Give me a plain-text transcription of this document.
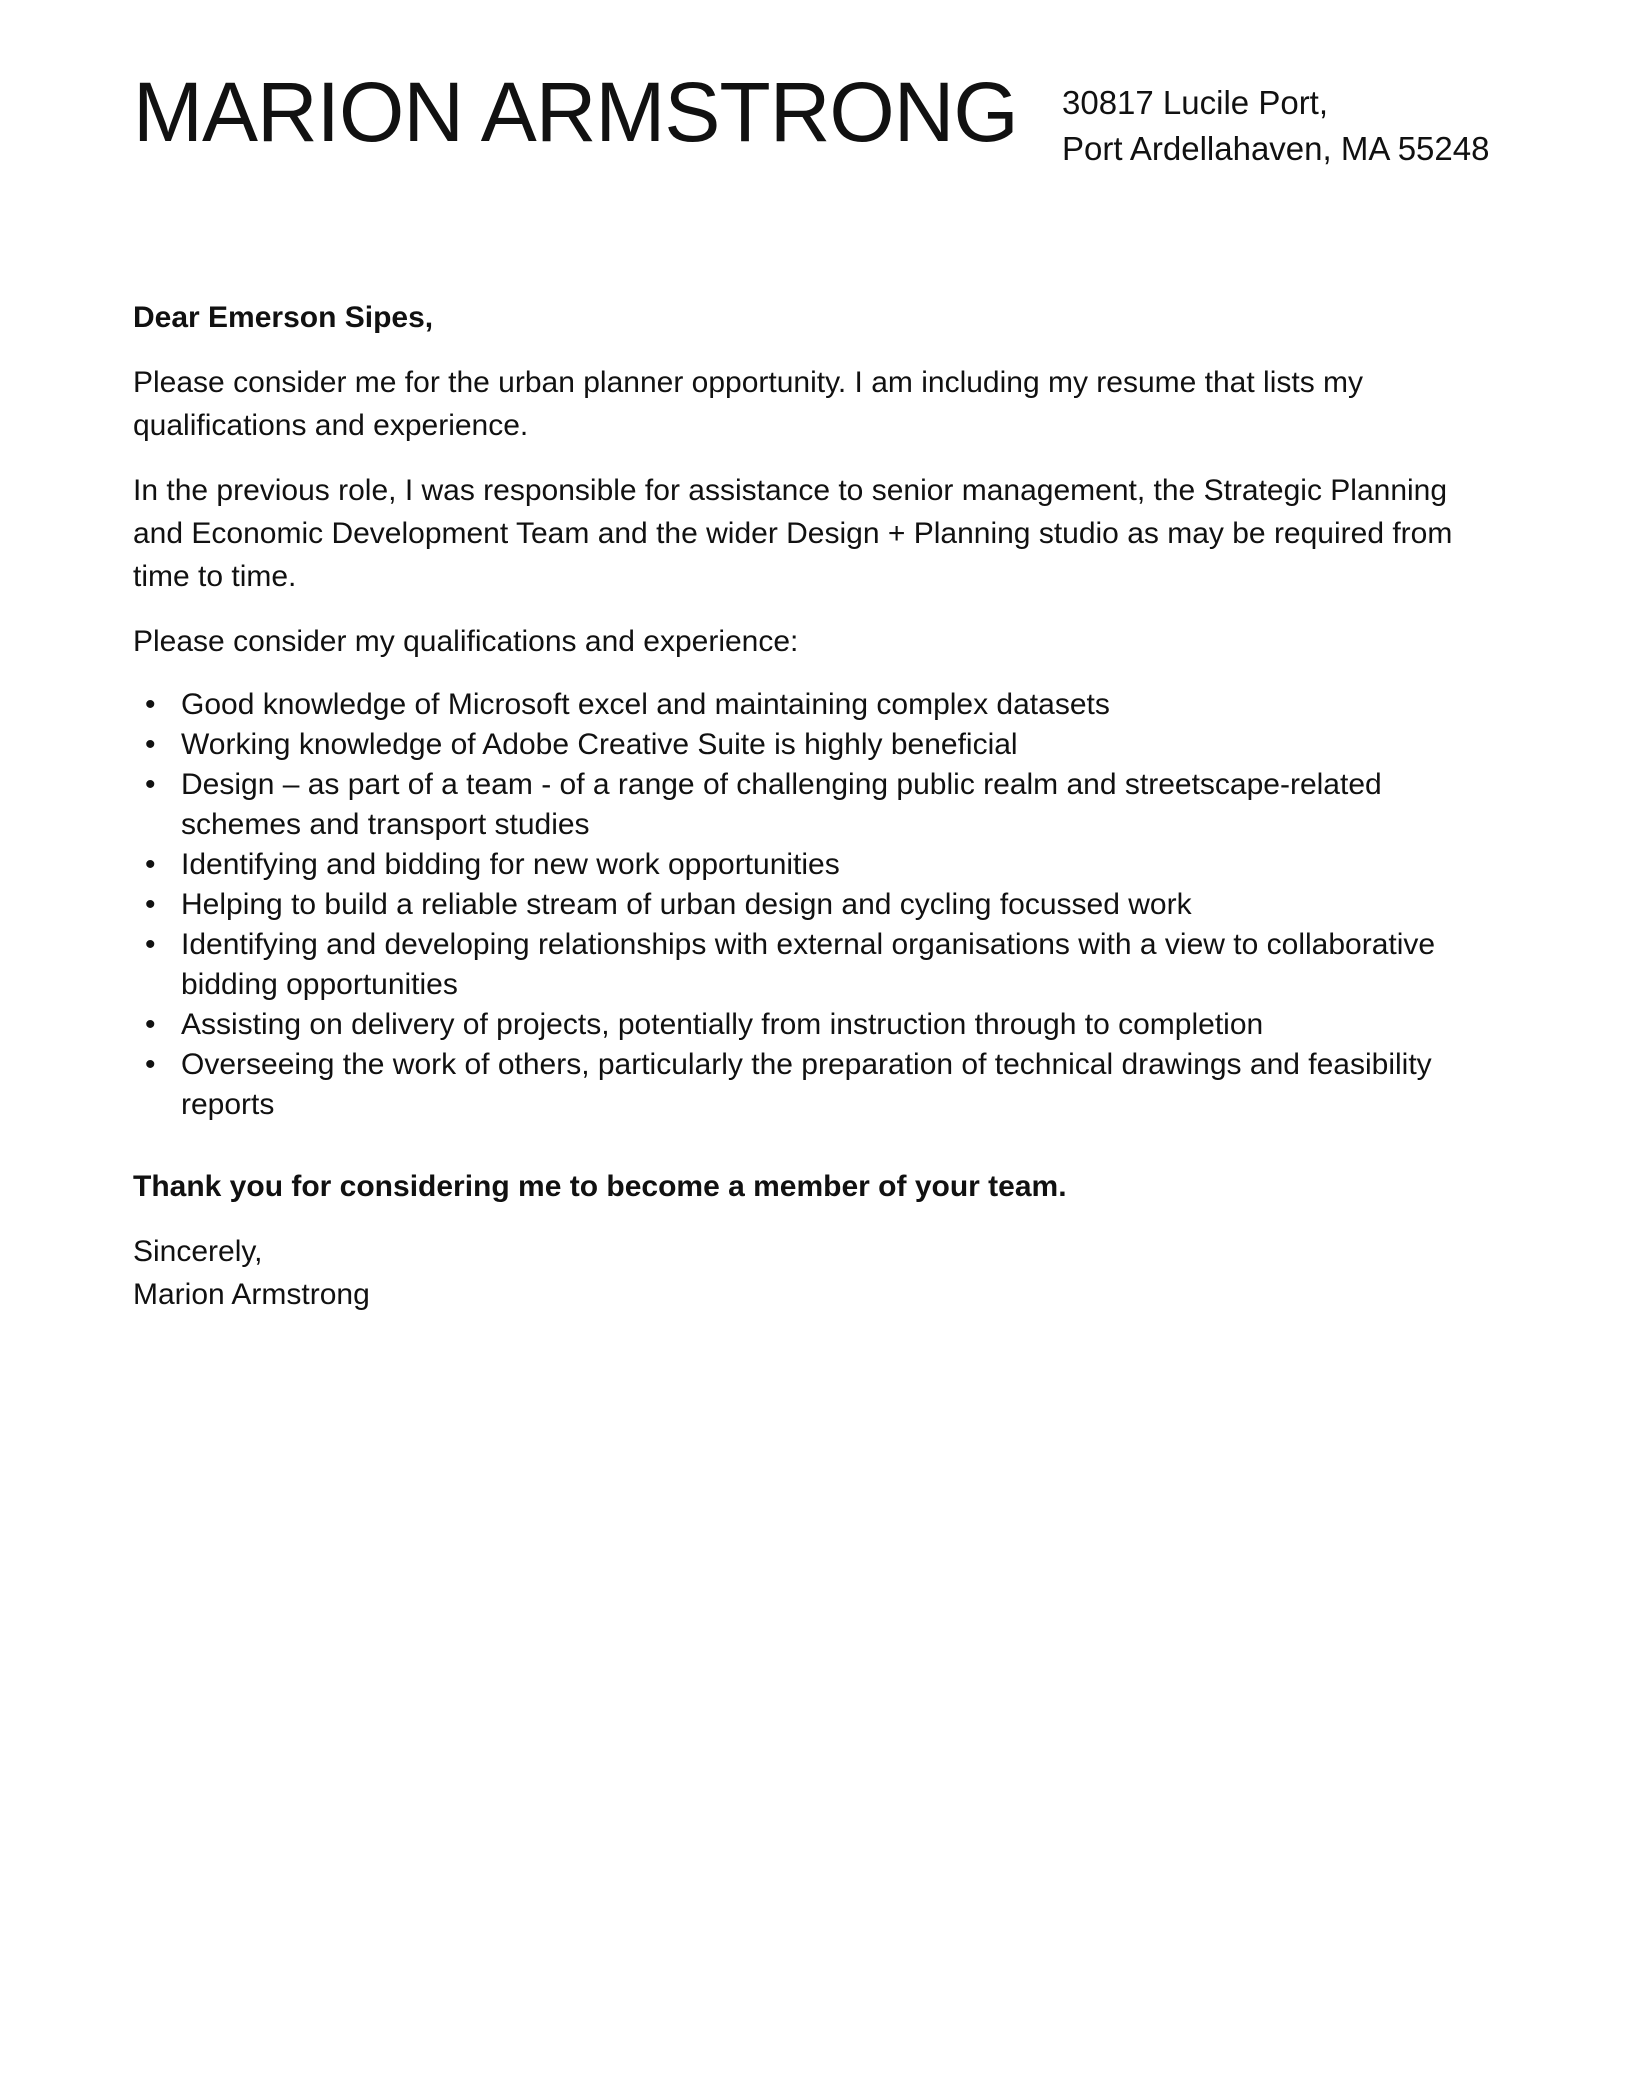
MARION ARMSTRONG 30817 Lucile Port,
Port Ardellahaven, MA 55248

Dear Emerson Sipes,

Please consider me for the urban planner opportunity. I am including my resume that lists my qualifications and experience.

In the previous role, I was responsible for assistance to senior management, the Strategic Planning and Economic Development Team and the wider Design + Planning studio as may be required from time to time.

Please consider my qualifications and experience:

• Good knowledge of Microsoft excel and maintaining complex datasets
• Working knowledge of Adobe Creative Suite is highly beneficial
• Design – as part of a team - of a range of challenging public realm and streetscape-related schemes and transport studies
• Identifying and bidding for new work opportunities
• Helping to build a reliable stream of urban design and cycling focussed work
• Identifying and developing relationships with external organisations with a view to collaborative bidding opportunities
• Assisting on delivery of projects, potentially from instruction through to completion
• Overseeing the work of others, particularly the preparation of technical drawings and feasibility reports

Thank you for considering me to become a member of your team.

Sincerely,
Marion Armstrong
